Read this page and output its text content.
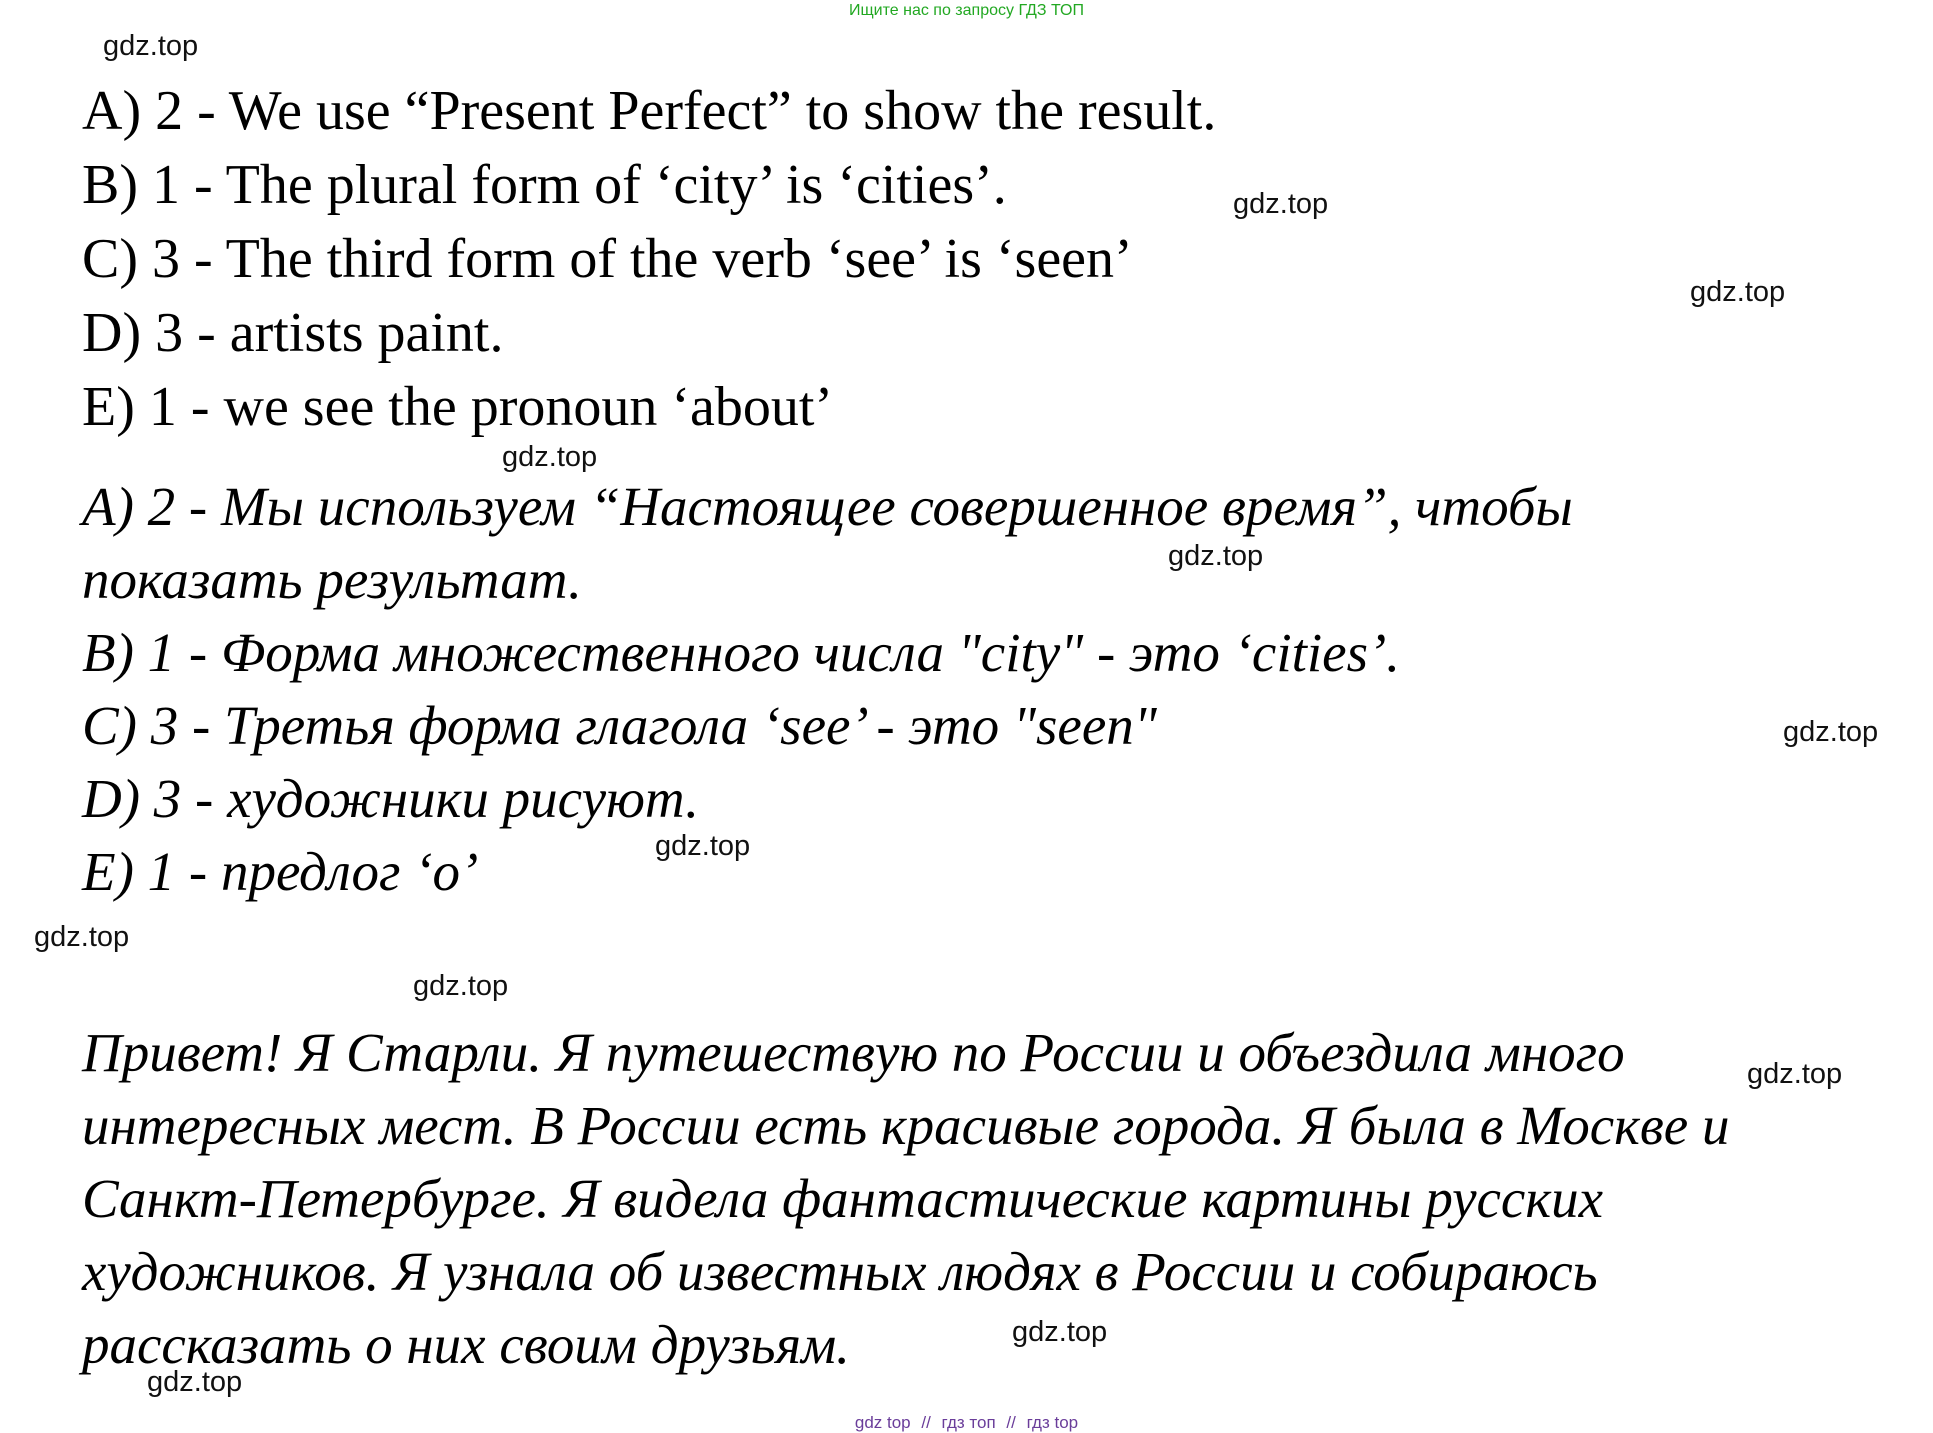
Ищите нас по запросу ГДЗ ТОП
A) 2 - We use “Present Perfect” to show the result.
B) 1 - The plural form of ‘city’ is ‘cities’.
C) 3 - The third form of the verb ‘see’ is ‘seen’
D) 3 - artists paint.
E) 1 - we see the pronoun ‘about’
A) 2 - Мы используем “Настоящее совершенное время”, чтобы
показать результат.
B) 1 - Форма множественного числа "city" - это ‘cities’.
C) 3 - Третья форма глагола ‘see’ - это "seen"
D) 3 - художники рисуют.
E) 1 - предлог ‘о’
Привет! Я Старли. Я путешествую по России и объездила много
интересных мест. В России есть красивые города. Я была в Москве и
Санкт-Петербурге. Я видела фантастические картины русских
художников. Я узнала об известных людях в России и собираюсь
рассказать о них своим друзьям.
gdz.top
gdz.top
gdz.top
gdz.top
gdz.top
gdz.top
gdz.top
gdz.top
gdz.top
gdz.top
gdz.top
gdz.top
gdz top // гдз топ // гдз top
